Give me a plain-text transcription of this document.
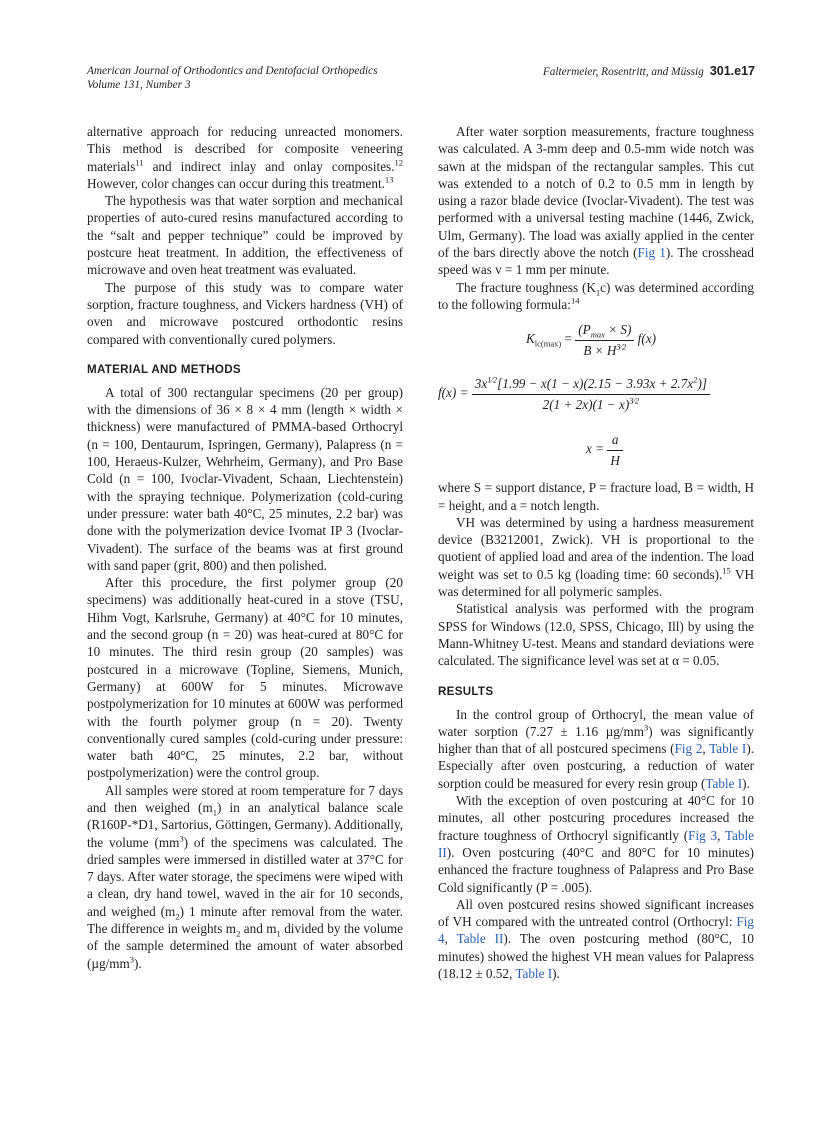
American Journal of Orthodontics and Dentofacial Orthopedics
Volume 131, Number 3
Faltermeier, Rosentritt, and Müssig 301.e17

alternative approach for reducing unreacted monomers. This method is described for composite veneering materials$^{11}$ and indirect inlay and onlay composites.$^{12}$ However, color changes can occur during this treatment.$^{13}$

The hypothesis was that water sorption and mechanical properties of auto-cured resins manufactured according to the “salt and pepper technique” could be improved by postcure heat treatment. In addition, the effectiveness of microwave and oven heat treatment was evaluated.

The purpose of this study was to compare water sorption, fracture toughness, and Vickers hardness (VH) of oven and microwave postcured orthodontic resins compared with conventionally cured polymers.

MATERIAL AND METHODS

A total of 300 rectangular specimens (20 per group) with the dimensions of 36 × 8 × 4 mm (length × width × thickness) were manufactured of PMMA-based Orthocryl (n = 100, Dentaurum, Ispringen, Germany), Palapress (n = 100, Heraeus-Kulzer, Wehrheim, Germany), and Pro Base Cold (n = 100, Ivoclar-Vivadent, Schaan, Liechtenstein) with the spraying technique. Polymerization (cold-curing under pressure: water bath 40°C, 25 minutes, 2.2 bar) was done with the polymerization device Ivomat IP 3 (Ivoclar-Vivadent). The surface of the beams was at first ground with sand paper (grit, 800) and then polished.

After this procedure, the first polymer group (20 specimens) was additionally heat-cured in a stove (TSU, Hihm Vogt, Karlsruhe, Germany) at 40°C for 10 minutes, and the second group (n = 20) was heat-cured at 80°C for 10 minutes. The third resin group (20 samples) was postcured in a microwave (Topline, Siemens, Munich, Germany) at 600W for 5 minutes. Microwave postpolymerization for 10 minutes at 600W was performed with the fourth polymer group (n = 20). Twenty conventionally cured samples (cold-curing under pressure: water bath 40°C, 25 minutes, 2.2 bar, without postpolymerization) were the control group.

All samples were stored at room temperature for 7 days and then weighed $(m_1)$ in an analytical balance scale (R160P-*D1, Sartorius, Göttingen, Germany). Additionally, the volume $(mm^3)$ of the specimens was calculated. The dried samples were immersed in distilled water at 37°C for 7 days. After water storage, the specimens were wiped with a clean, dry hand towel, waved in the air for 10 seconds, and weighed $(m_2)$ 1 minute after removal from the water. The difference in weights $m_2$ and $m_1$ divided by the volume of the sample determined the amount of water absorbed $(\mu g/mm^3)$.

After water sorption measurements, fracture toughness was calculated. A 3-mm deep and 0.5-mm wide notch was sawn at the midspan of the rectangular samples. This cut was extended to a notch of 0.2 to 0.5 mm in length by using a razor blade device (Ivoclar-Vivadent). The test was performed with a universal testing machine (1446, Zwick, Ulm, Germany). The load was axially applied in the center of the bars directly above the notch (Fig 1). The crosshead speed was v = 1 mm per minute.

The fracture toughness $(K_1c)$ was determined according to the following formula:$^{14}$

$K_{lc(max)} = \frac{(P_{max} \times S)}{B \times H^{3⁄2}} f(x)$
$f(x) = \frac{3x^{1⁄2}[1.99 - x(1 - x)(2.15 - 3.93x + 2.7x^2)]}{2(1 + 2x)(1 - x)^{3⁄2}}$
$x = \frac{a}{H}$

where S = support distance, P = fracture load, B = width, H = height, and a = notch length.

VH was determined by using a hardness measurement device (B3212001, Zwick). VH is proportional to the quotient of applied load and area of the indention. The load weight was set to 0.5 kg (loading time: 60 seconds).$^{15}$ VH was determined for all polymeric samples.

Statistical analysis was performed with the program SPSS for Windows (12.0, SPSS, Chicago, Ill) by using the Mann-Whitney U-test. Means and standard deviations were calculated. The significance level was set at α = 0.05.

RESULTS

In the control group of Orthocryl, the mean value of water sorption (7.27 ± 1.16 $\mu g/mm^3$) was significantly higher than that of all postcured specimens (Fig 2, Table I). Especially after oven postcuring, a reduction of water sorption could be measured for every resin group (Table I).

With the exception of oven postcuring at 40°C for 10 minutes, all other postcuring procedures increased the fracture toughness of Orthocryl significantly (Fig 3, Table II). Oven postcuring (40°C and 80°C for 10 minutes) enhanced the fracture toughness of Palapress and Pro Base Cold significantly (P = .005).

All oven postcured resins showed significant increases of VH compared with the untreated control (Orthocryl: Fig 4, Table II). The oven postcuring method (80°C, 10 minutes) showed the highest VH mean values for Palapress (18.12 ± 0.52, Table I).
